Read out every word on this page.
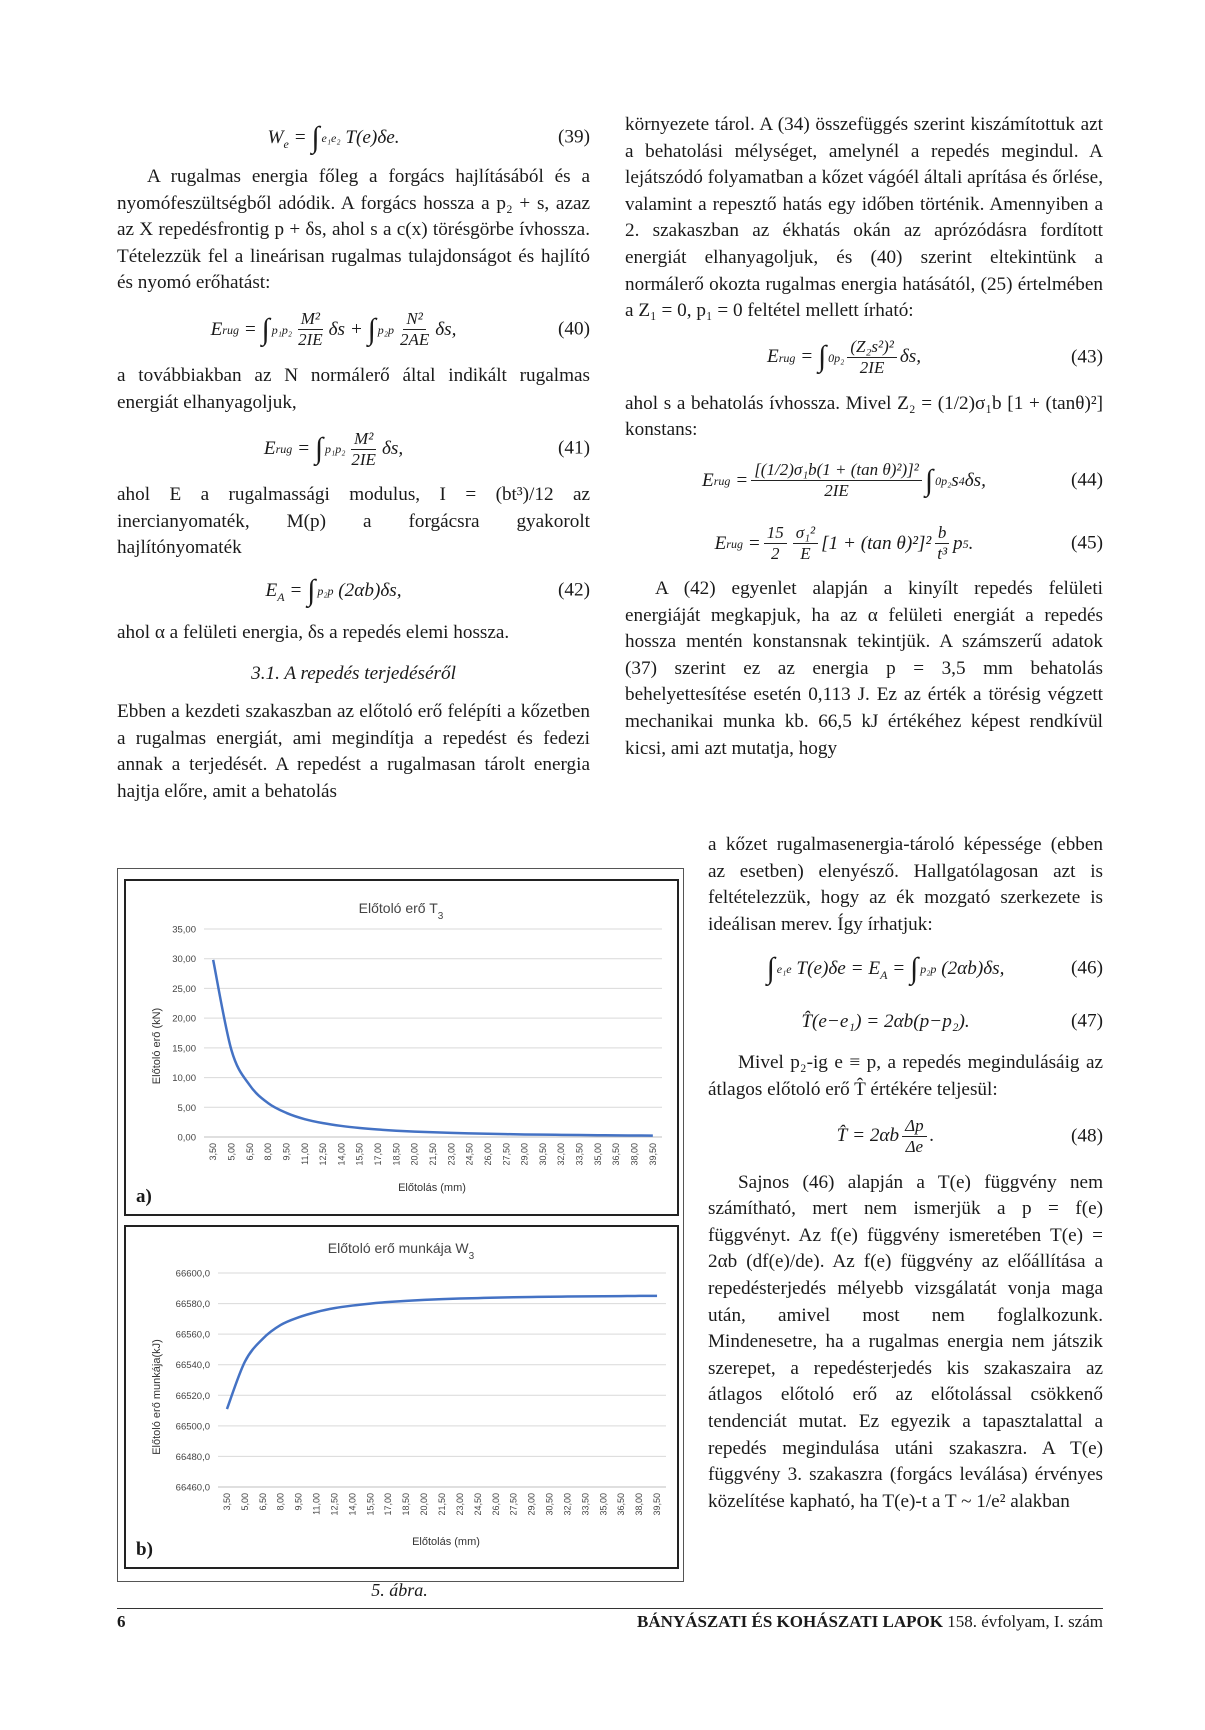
$W_e$ = ∫ e₁ e₂
T ( e ) δe .	(39)

A rugalmas energia főleg a forgács hajlításából és a nyomófeszültségből adódik. A forgács hossza a p₂ + s, azaz az X repedésfrontig p + δs, ahol s a c(x) törésgörbe ívhossza. Tételezzük fel a lineárisan rugalmas tulajdonságot és hajlító és nyomó erőhatást:

E rug = ∫ p₁ $p_2 \frac{\text{M²}}{2IE}$ δs + ∫ p₂ p $\frac{\text{N²}}{2AE}$ δs ,	(40)

a továbbiakban az N normálerő által indikált rugalmas energiát elhanyagoljuk,

E rug = ∫ p₁ $p_2 \frac{\text{M²}}{2IE}$ δs ,	(41)

ahol E a rugalmassági modulus, I = (bt³)/12 az inercianyomaték, M(p) a forgácsra gyakorolt hajlítónyomaték

$E_A$ = ∫ p₂ p (2 αb ) δs ,	(42)

ahol α a felületi energia, δs a repedés elemi hossza.

3.1. A repedés terjedéséről

Ebben a kezdeti szakaszban az előtoló erő felépíti a kőzetben a rugalmas energiát, ami megindítja a repedést és fedezi annak a terjedését. A repedést a rugalmasan tárolt energia hajtja előre, amit a behatolás

környezete tárol. A (34) összefüggés szerint kiszámítottuk azt a behatolási mélységet, amelynél a repedés megindul. A lejátszódó folyamatban a kőzet vágóél általi aprítása és őrlése, valamint a repesztő hatás egy időben történik. Amennyiben a 2. szakaszban az ékhatás okán az aprózódásra fordított energiát elhanyagoljuk, és (40) szerint eltekintünk a normálerő okozta rugalmas energia hatásától, (25) értelmében a Z₁ = 0, p₁ = 0 feltétel mellett írható:

E rug = ∫ 0 $p_2 \frac{\text{(Z₂s²)²}}{2IE}$ δs ,	(43)

ahol s a behatolás ívhossza. Mivel Z₂ = (1/2)σ₁b [1 + (tanθ)²] konstans:

E rug = $\frac{\text{[(1/2)σ₁b(1 + (tan θ)²)]²}}{2IE}$ ∫ 0 p₂ s 4 δs ,	(44)
E rug = $\frac{15}{2} \frac{\text{σ₁²}}{E} [1 + (\tan$ $\theta)^2]^2 \frac{b}{\text{t³}}$ p 5 .	(45)

A (42) egyenlet alapján a kinyílt repedés felületi energiáját megkapjuk, ha az α felületi energiát a repedés hossza mentén konstansnak tekintjük. A számszerű adatok (37) szerint ez az energia p = 3,5 mm behatolás behelyettesítése esetén 0,113 J. Ez az érték a törésig végzett mechanikai munka kb. 66,5 kJ értékéhez képest rendkívül kicsi, ami azt mutatja, hogy

a kőzet rugalmasenergia-tároló képessége (ebben az esetben) elenyésző. Hallgatólagosan azt is feltételezzük, hogy az ék mozgató szerkezete is ideálisan merev. Így írhatjuk:

∫ e₁ e T( e ) $\delta e = E_A$ = ∫ p₂ p (2 αb ) δs ,	(46)
T̂ ( e − e ₁) = 2 αb ( p − p ₂).	(47)

Mivel p₂-ig e ≡ p, a repedés megindulásáig az átlagos előtoló erő T̂ értékére teljesül:

T̂ = 2 αb $\frac{\Delta p}{\Delta e}$ .	(48)

Sajnos (46) alapján a T(e) függvény nem számítható, mert nem ismerjük a p = f(e) függvényt. Az f(e) függvény ismeretében T(e) = 2αb (df(e)/de). Az f(e) függvény az előállítása a repedésterjedés mélyebb vizsgálatát vonja maga után, amivel most nem foglalkozunk. Mindenesetre, ha a rugalmas energia nem játszik szerepet, a repedésterjedés kis szakaszaira az átlagos előtoló erő az előtolással csökkenő tendenciát mutat. Ez egyezik a tapasztalattal a repedés megindulása utáni szakaszra. A T(e) függvény 3. szakaszra (forgács leválása) érvényes közelítése kapható, ha T(e)-t a T ~ 1/e² alakban

Előtoló erő $T_3$
Előtolás (mm)
Előtoló erő (kN)
0,00
5,00
10,00
15,00
20,00
25,00
30,00
35,00
3,50 5,00 6,50 8,00 9,50 11,00 12,50 14,00 15,50 17,00 18,50 20,00 21,50 23,00 24,50 26,00 27,50 29,00 30,50 32,00 33,50 35,00 36,50 38,00 39,50
a)
Előtoló erő munkája $W_3$
Előtolás (mm)
Előtoló erő munkája(kJ)
66460,0
66480,0
66500,0
66520,0
66540,0
66560,0
66580,0
66600,0
3,50 5,00 6,50 8,00 9,50 11,00 12,50 14,00 15,50 17,00 18,50 20,00 21,50 23,00 24,50 26,00 27,50 29,00 30,50 32,00 33,50 35,00 36,50 38,00 39,50
b)
5. ábra.
6	BÁNYÁSZATI ÉS KOHÁSZATI LAPOK 158. évfolyam, I. szám
